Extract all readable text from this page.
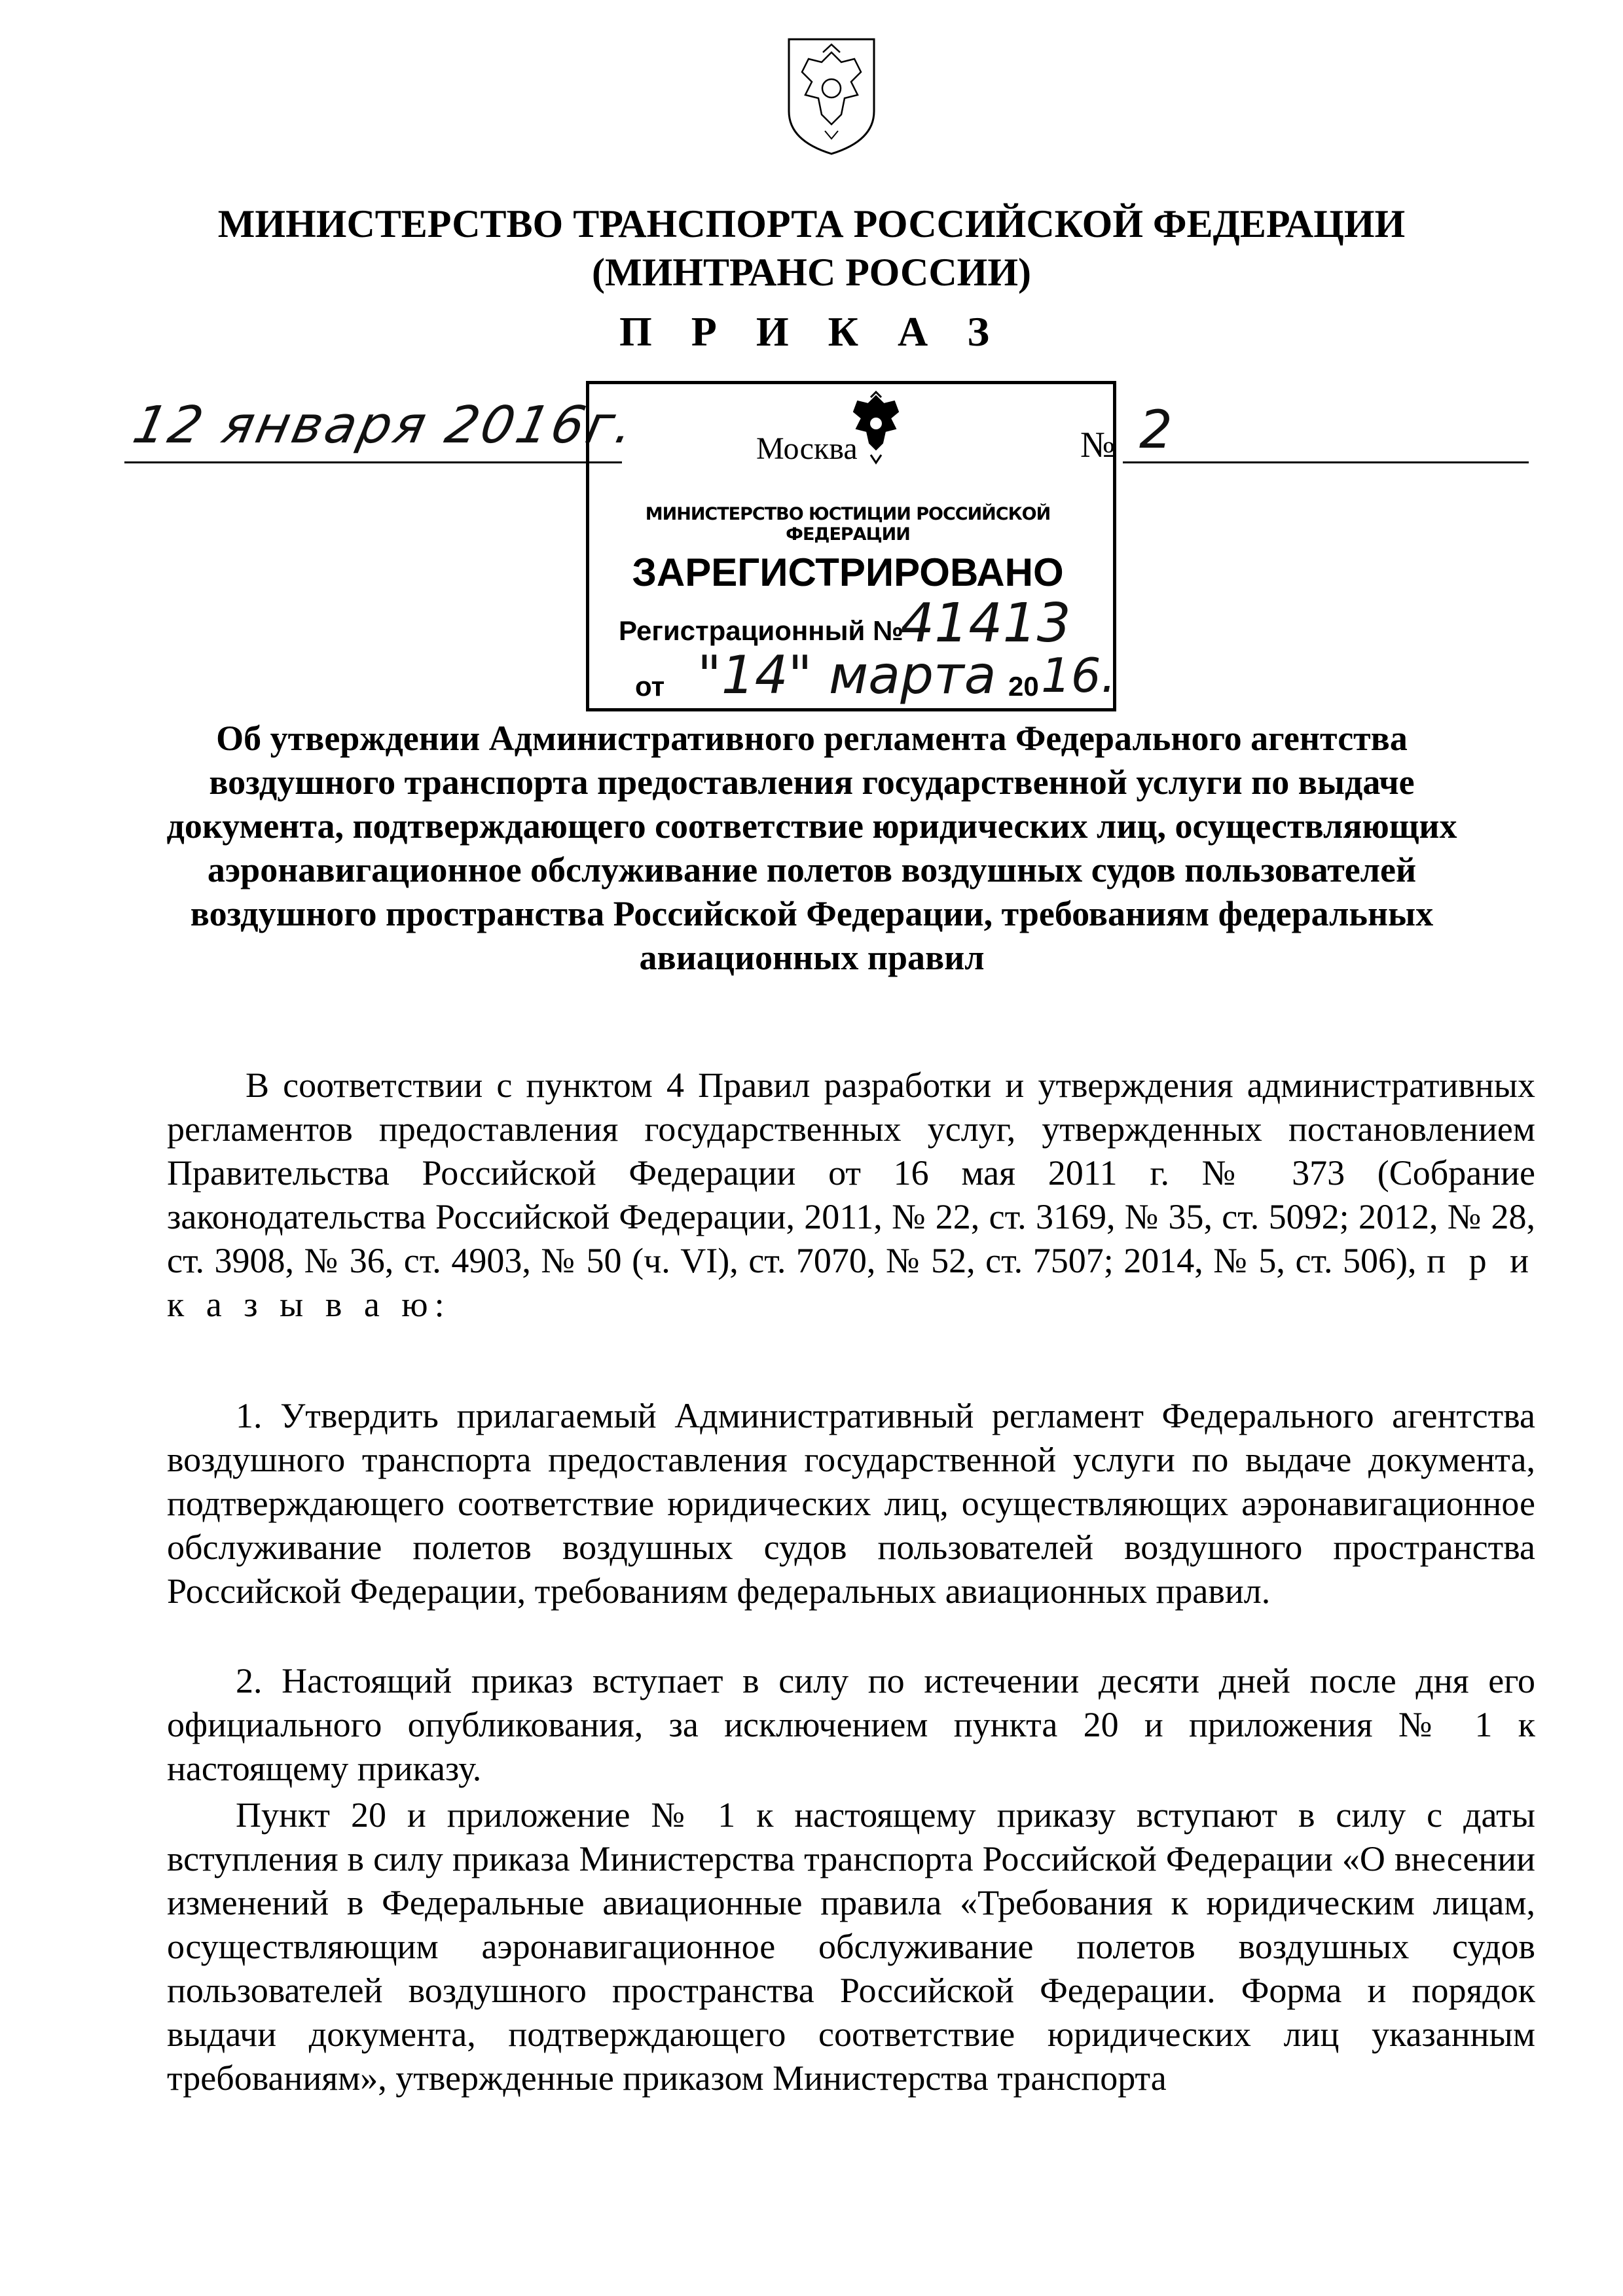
МИНИСТЕРСТВО ТРАНСПОРТА РОССИЙСКОЙ ФЕДЕРАЦИИ
(МИНТРАНС РОССИИ)
П Р И К А З
12 января 2016г.	Москва	№ 2
МИНИСТЕРСТВО ЮСТИЦИИ РОССИЙСКОЙ ФЕДЕРАЦИИ
ЗАРЕГИСТРИРОВАНО
Регистрационный №
41413
от "14" марта 20 16.
Об утверждении Административного регламента Федерального агентства воздушного транспорта предоставления государственной услуги по выдаче документа, подтверждающего соответствие юридических лиц, осуществляющих аэронавигационное обслуживание полетов воздушных судов пользователей воздушного пространства Российской Федерации, требованиям федеральных авиационных правил
В соответствии с пунктом 4 Правил разработки и утверждения административных регламентов предоставления государственных услуг, утвержденных постановлением Правительства Российской Федерации от 16 мая 2011 г. № 373 (Собрание законодательства Российской Федерации, 2011, № 22, ст. 3169, № 35, ст. 5092; 2012, № 28, ст. 3908, № 36, ст. 4903, № 50 (ч. VI), ст. 7070, № 52, ст. 7507; 2014, № 5, ст. 506), п р и к а з ы в а ю:
1. Утвердить прилагаемый Административный регламент Федерального агентства воздушного транспорта предоставления государственной услуги по выдаче документа, подтверждающего соответствие юридических лиц, осуществляющих аэронавигационное обслуживание полетов воздушных судов пользователей воздушного пространства Российской Федерации, требованиям федеральных авиационных правил.
2. Настоящий приказ вступает в силу по истечении десяти дней после дня его официального опубликования, за исключением пункта 20 и приложения № 1 к настоящему приказу.
Пункт 20 и приложение № 1 к настоящему приказу вступают в силу с даты вступления в силу приказа Министерства транспорта Российской Федерации «О внесении изменений в Федеральные авиационные правила «Требования к юридическим лицам, осуществляющим аэронавигационное обслуживание полетов воздушных судов пользователей воздушного пространства Российской Федерации. Форма и порядок выдачи документа, подтверждающего соответствие юридических лиц указанным требованиям», утвержденные приказом Министерства транспорта
